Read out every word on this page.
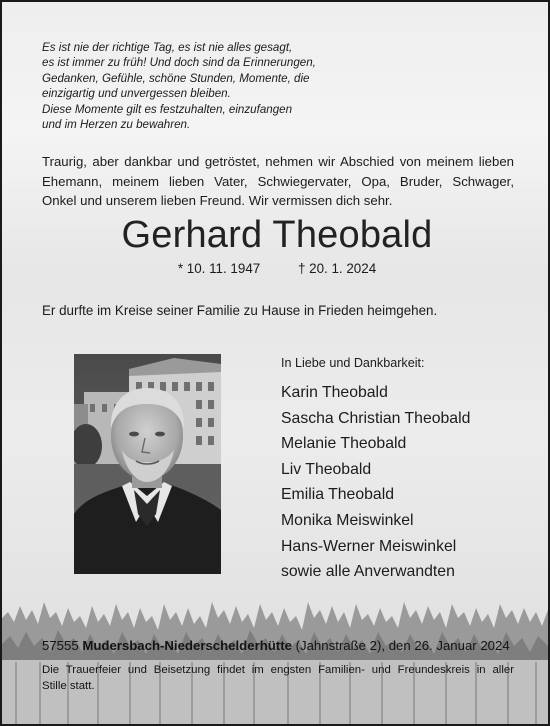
Es ist nie der richtige Tag, es ist nie alles gesagt,
es ist immer zu früh! Und doch sind da Erinnerungen,
Gedanken, Gefühle, schöne Stunden, Momente, die
einzigartig und unvergessen bleiben.
Diese Momente gilt es festzuhalten, einzufangen
und im Herzen zu bewahren.
Traurig, aber dankbar und getröstet, nehmen wir Abschied von meinem lieben
Ehemann, meinem lieben Vater, Schwiegervater, Opa, Bruder, Schwager,
Onkel und unserem lieben Freund. Wir vermissen dich sehr.
Gerhard Theobald
* 10. 11. 1947	† 20. 1. 2024
Er durfte im Kreise seiner Familie zu Hause in Frieden heimgehen.
In Liebe und Dankbarkeit:
Karin Theobald
Sascha Christian Theobald
Melanie Theobald
Liv Theobald
Emilia Theobald
Monika Meiswinkel
Hans-Werner Meiswinkel
sowie alle Anverwandten
57555 Mudersbach-Niederschelderhütte (Jahnstraße 2), den 26. Januar 2024
Die Trauerfeier und Beisetzung findet im engsten Familien- und Freundeskreis in aller
Stille statt.
